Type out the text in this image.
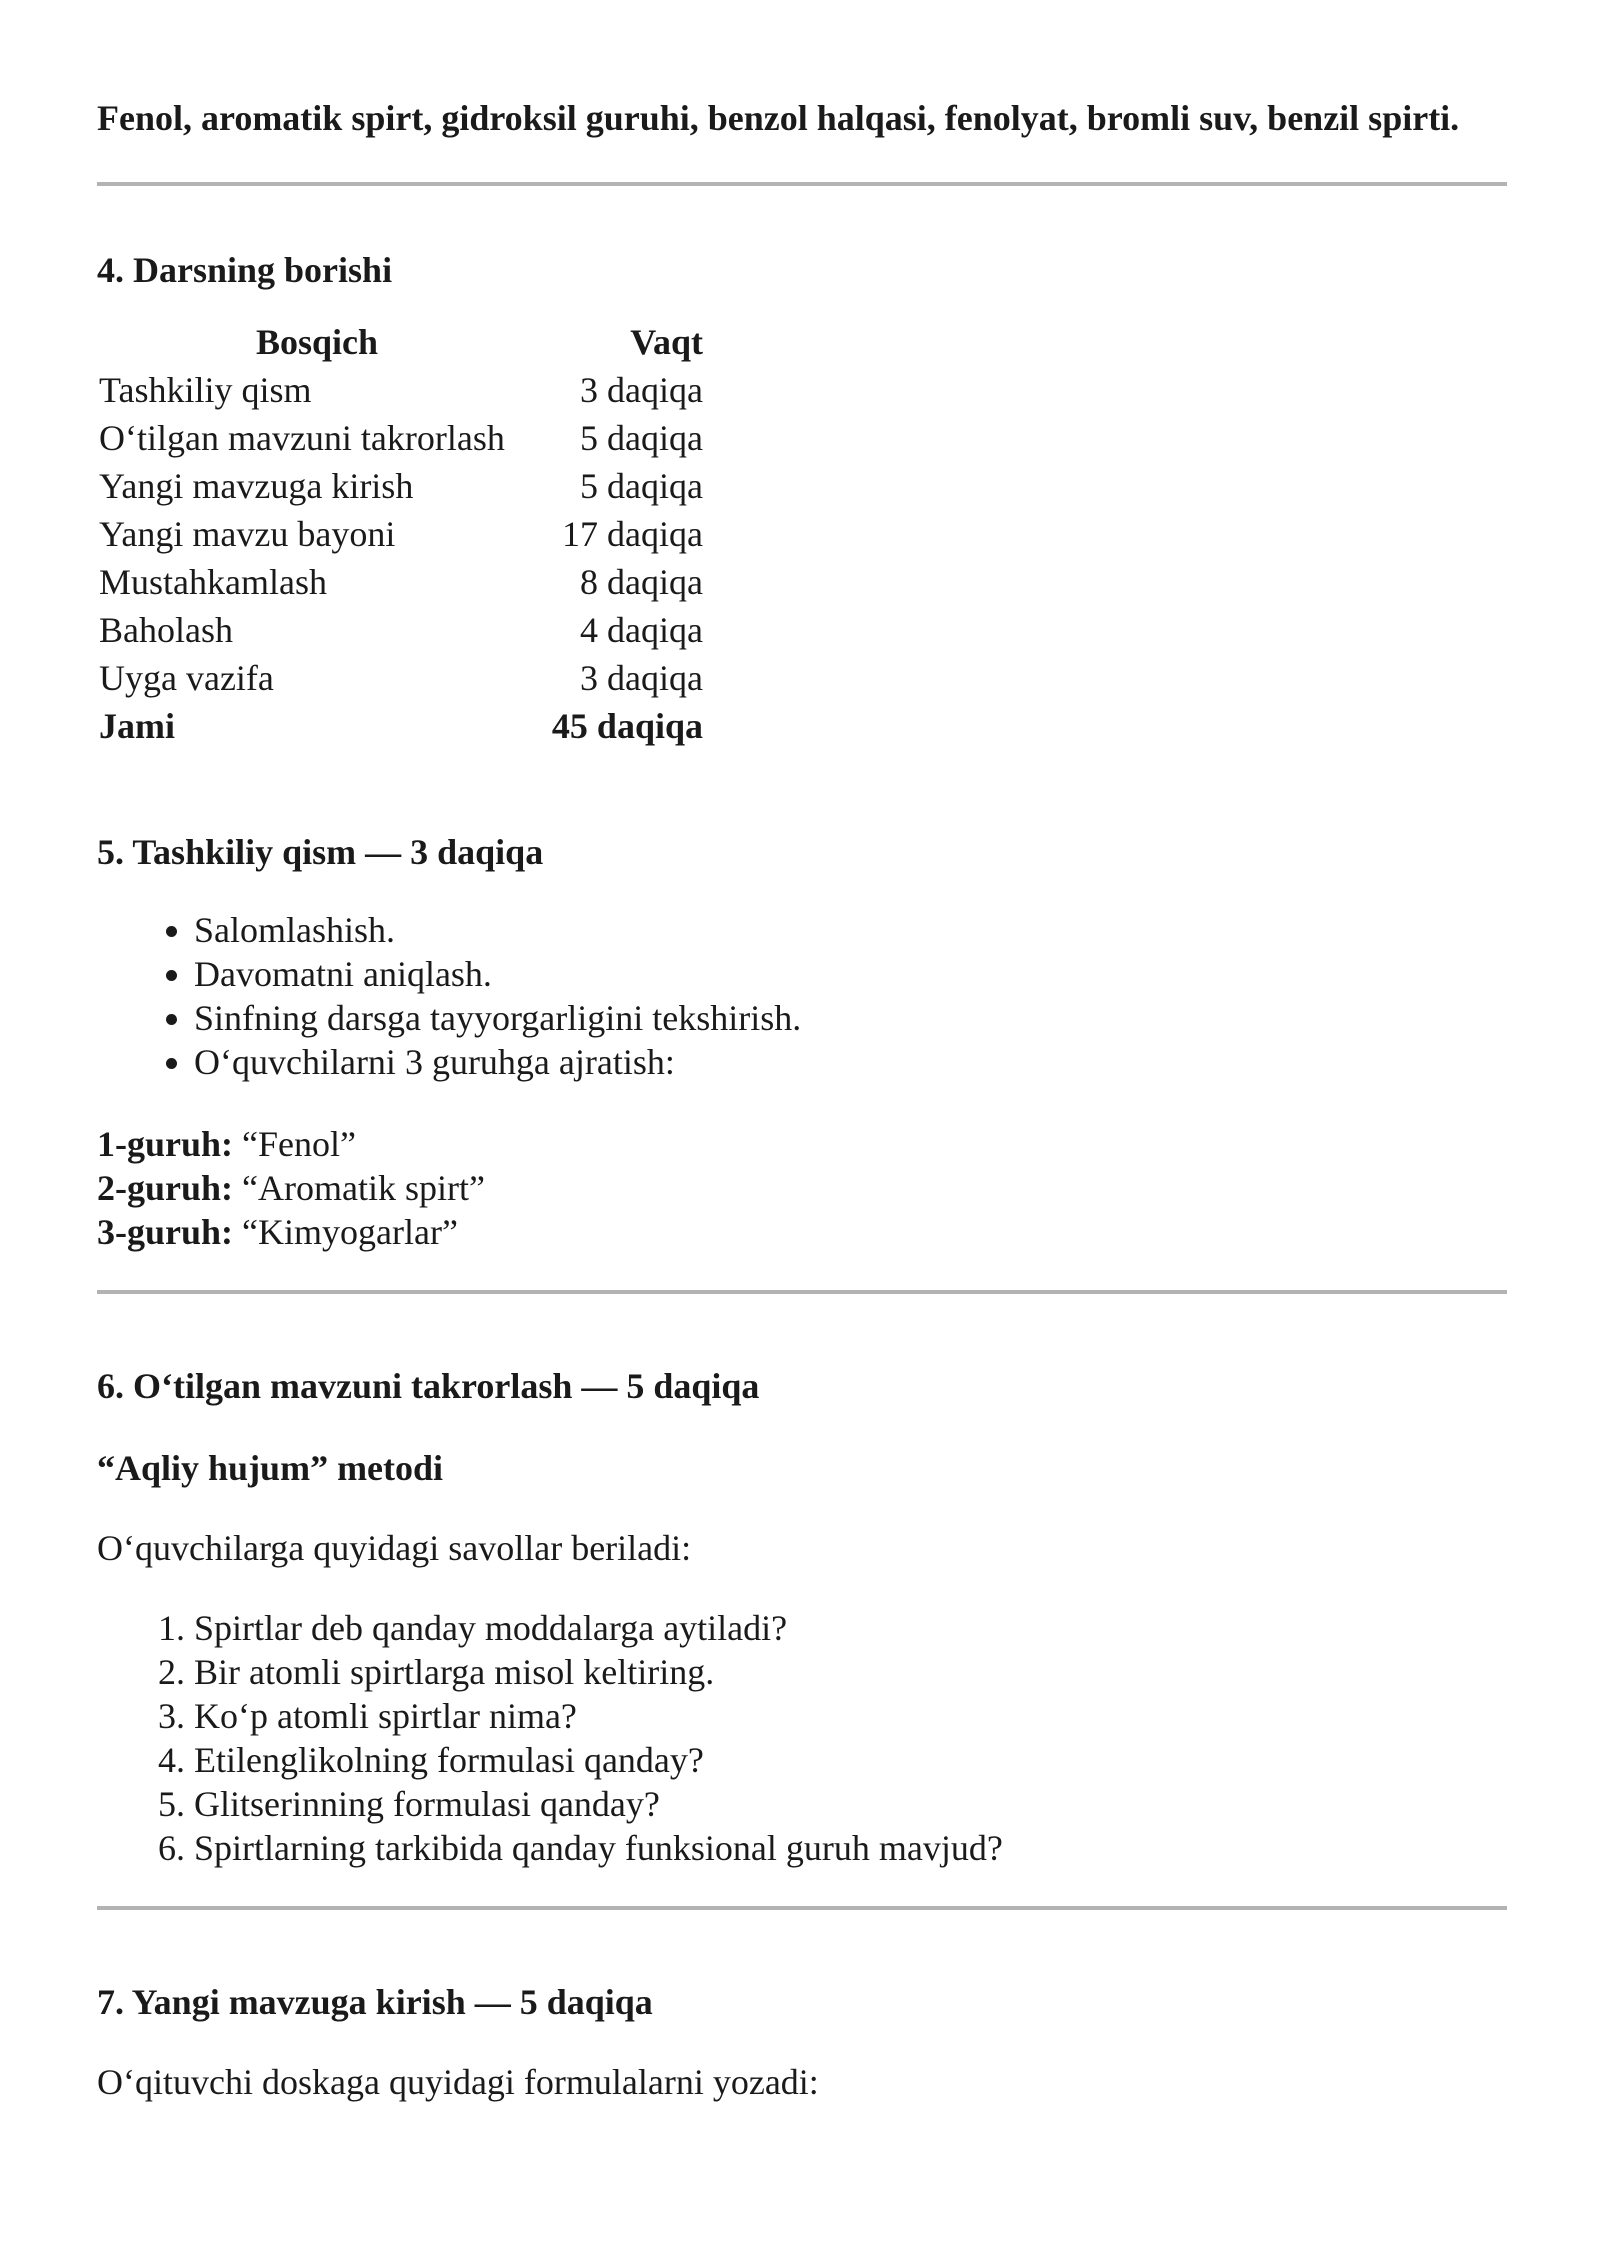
Fenol, aromatik spirt, gidroksil guruhi, benzol halqasi, fenolyat, bromli suv, benzil spirti.

4. Darsning borishi
Bosqich	Vaqt
Tashkiliy qism	3 daqiqa
O‘tilgan mavzuni takrorlash	5 daqiqa
Yangi mavzuga kirish	5 daqiqa
Yangi mavzu bayoni	17 daqiqa
Mustahkamlash	8 daqiqa
Baholash	4 daqiqa
Uyga vazifa	3 daqiqa
Jami	45 daqiqa
5. Tashkiliy qism — 3 daqiqa
• Salomlashish.
• Davomatni aniqlash.
• Sinfning darsga tayyorgarligini tekshirish.
• O‘quvchilarni 3 guruhga ajratish:

1-guruh: “Fenol”

2-guruh: “Aromatik spirt”

3-guruh: “Kimyogarlar”

6. O‘tilgan mavzuni takrorlash — 5 daqiqa
“Aqliy hujum” metodi

O‘quvchilarga quyidagi savollar beriladi:

1. Spirtlar deb qanday moddalarga aytiladi?
2. Bir atomli spirtlarga misol keltiring.
3. Ko‘p atomli spirtlar nima?
4. Etilenglikolning formulasi qanday?
5. Glitserinning formulasi qanday?
6. Spirtlarning tarkibida qanday funksional guruh mavjud?
7. Yangi mavzuga kirish — 5 daqiqa

O‘qituvchi doskaga quyidagi formulalarni yozadi:
